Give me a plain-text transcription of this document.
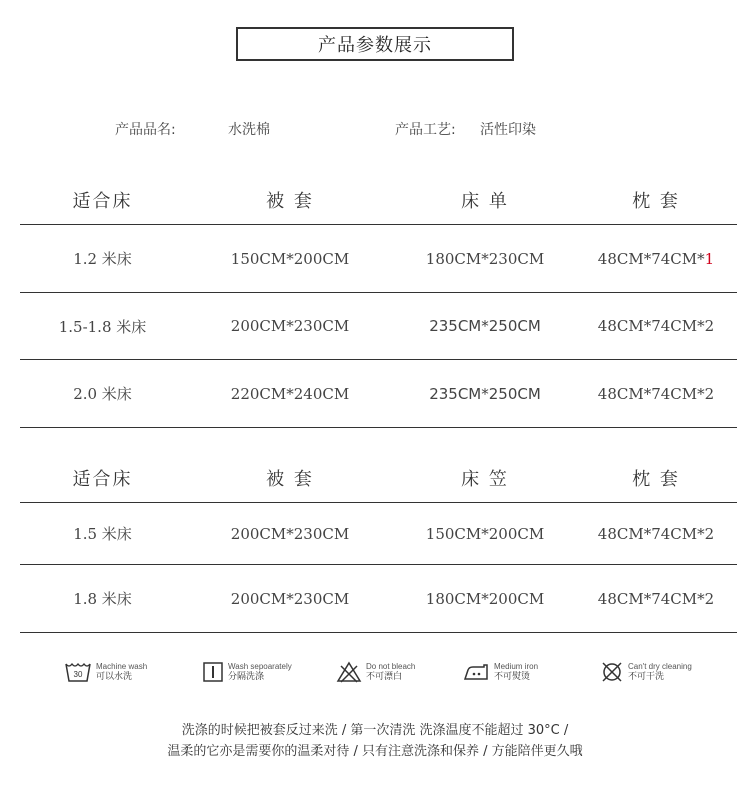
产品参数展示
产品品名:	水洗棉	产品工艺: 活性印染
适合床	被 套	床 单	枕 套
1.2 米床	150CM*200CM	180CM*230CM	48CM*74CM* 1
1.5-1.8 米床	200CM*230CM	235CM*250CM	48CM*74CM*2
2.0 米床	220CM*240CM	235CM*250CM	48CM*74CM*2
适合床	被 套	床 笠	枕 套
1.5 米床	200CM*230CM	150CM*200CM	48CM*74CM*2
1.8 米床	200CM*230CM	180CM*200CM	48CM*74CM*2
30
Machine wash
可以水洗
Wash sepoarately
分隔洗涤
Do not bleach
不可漂白
Medium iron
不可熨烫
Can't dry cleaning
不可干洗
洗涤的时候把被套反过来洗 / 第一次清洗 洗涤温度不能超过 30°C /
温柔的它亦是需要你的温柔对待 / 只有注意洗涤和保养 / 方能陪伴更久哦
